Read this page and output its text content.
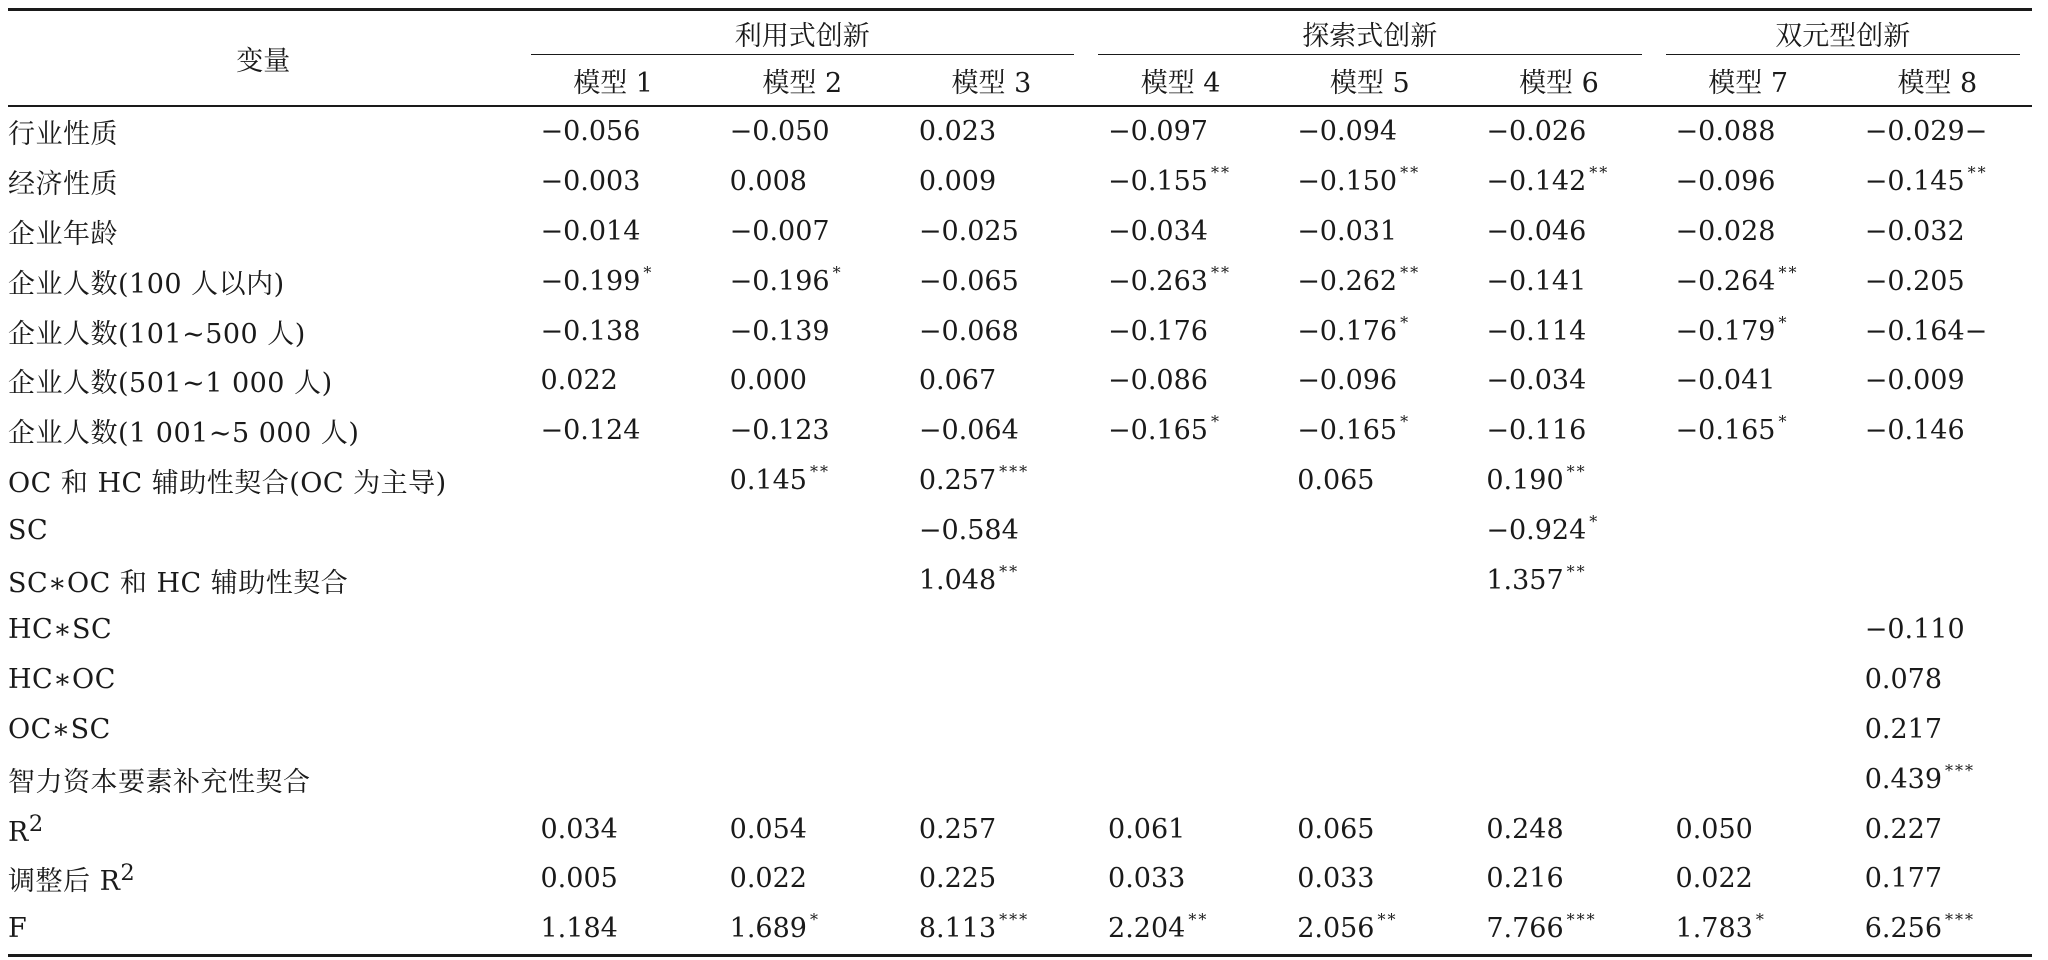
变量	利用式创新			探索式创新			双元型创新	

	模型 1	模型 2	模型 3	模型 4	模型 5	模型 6	模型 7	模型 8
行业性质	−0.056	−0.050	0.023	−0.097	−0.094	−0.026	−0.088	−0.029−
经济性质	−0.003	0.008	0.009	−0.155 **	−0.150 **	−0.142 **	−0.096	−0.145 **
企业年龄	−0.014	−0.007	−0.025	−0.034	−0.031	−0.046	−0.028	−0.032
企业人数(100 人以内)	−0.199 *	−0.196 *	−0.065	−0.263 **	−0.262 **	−0.141	−0.264 **	−0.205
企业人数(101∼500 人)	−0.138	−0.139	−0.068	−0.176	−0.176 *	−0.114	−0.179 *	−0.164−
企业人数(501∼1 000 人)	0.022	0.000	0.067	−0.086	−0.096	−0.034	−0.041	−0.009
企业人数(1 001∼5 000 人)	−0.124	−0.123	−0.064	−0.165 *	−0.165 *	−0.116	−0.165 *	−0.146
OC 和 HC 辅助性契合(OC 为主导)		0.145 **	0.257 ***		0.065	0.190 **		
SC			−0.584			−0.924 *		
SC∗OC 和 HC 辅助性契合			1.048 **			1.357 **		
HC∗SC								−0.110
HC∗OC								0.078
OC∗SC								0.217
智力资本要素补充性契合								0.439 ***
$R^2$	0.034	0.054	0.257	0.061	0.065	0.248	0.050	0.227
调整后 $R^2$	0.005	0.022	0.225	0.033	0.033	0.216	0.022	0.177
F	1.184	1.689 *	8.113 ***	2.204 **	2.056 **	7.766 ***	1.783 *	6.256 ***
